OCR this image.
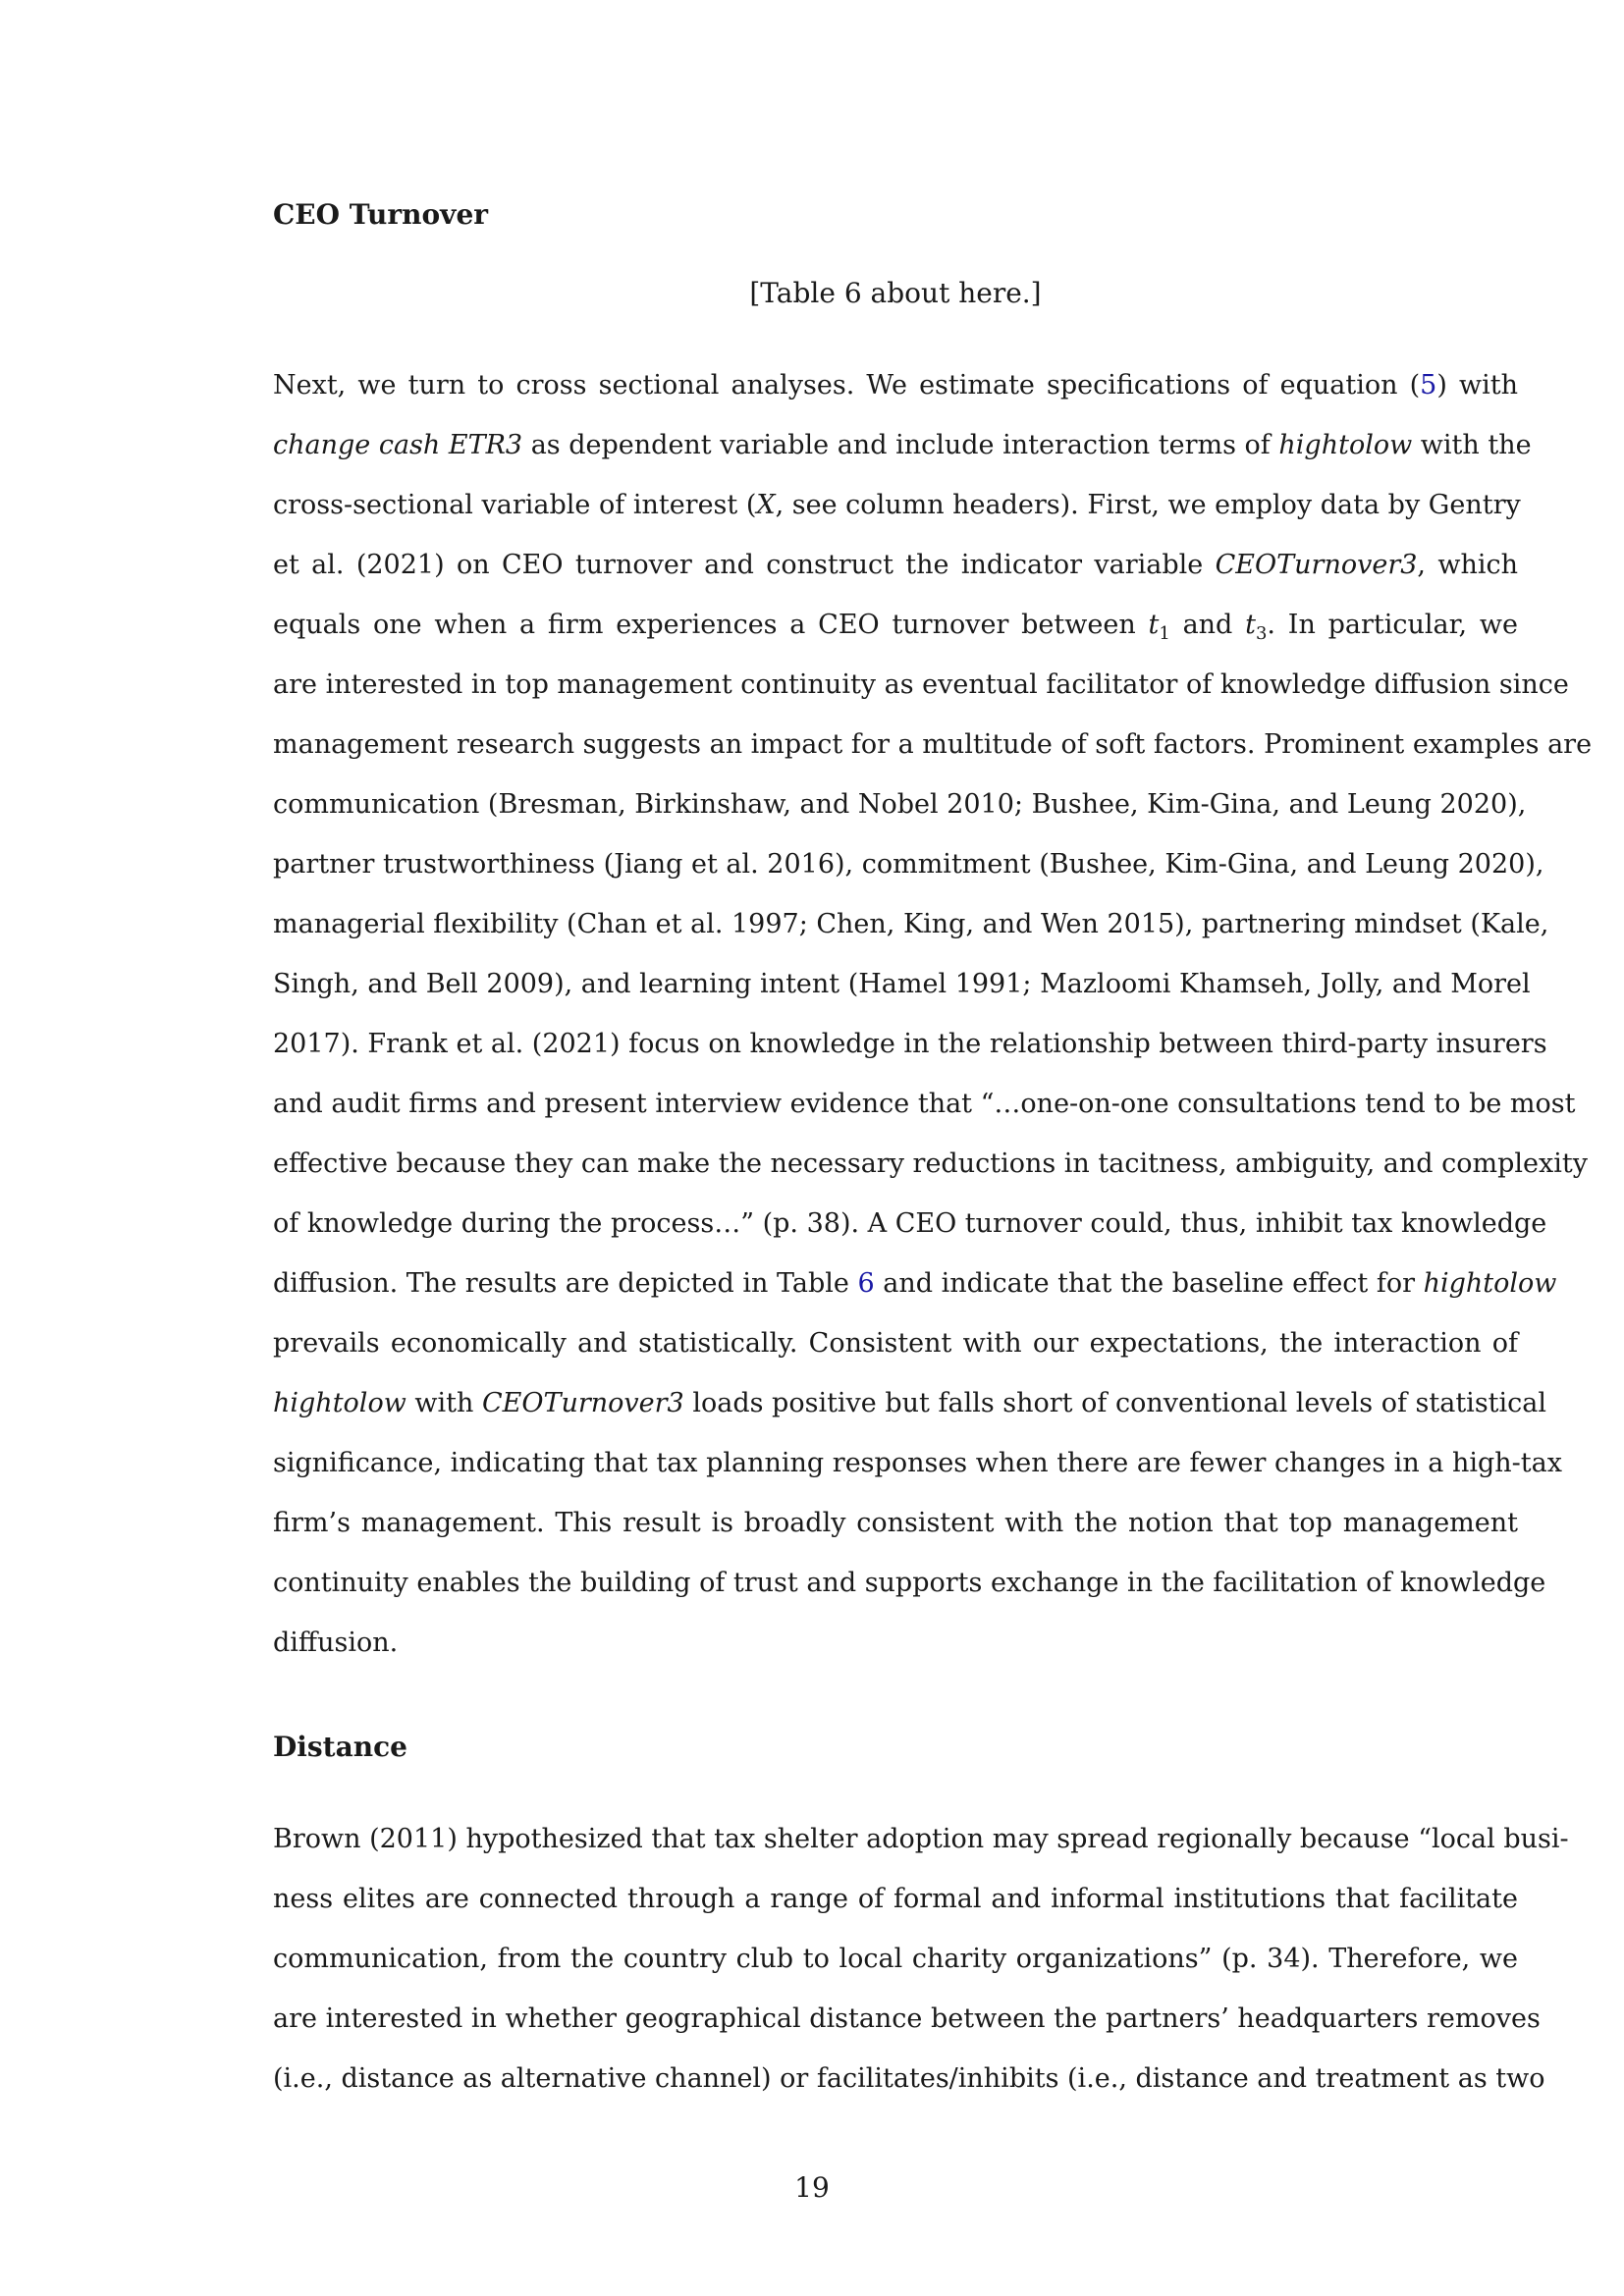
CEO Turnover

[Table 6 about here.]

Next, we turn to cross sectional analyses. We estimate specifications of equation (5) with
change cash ETR3 as dependent variable and include interaction terms of hightolow with the
cross-sectional variable of interest (X, see column headers). First, we employ data by Gentry
et al. (2021) on CEO turnover and construct the indicator variable CEOTurnover3, which
equals one when a firm experiences a CEO turnover between $t_1$ and $t_3$. In particular, we
are interested in top management continuity as eventual facilitator of knowledge diffusion since
management research suggests an impact for a multitude of soft factors. Prominent examples are
communication (Bresman, Birkinshaw, and Nobel 2010; Bushee, Kim-Gina, and Leung 2020),
partner trustworthiness (Jiang et al. 2016), commitment (Bushee, Kim-Gina, and Leung 2020),
managerial flexibility (Chan et al. 1997; Chen, King, and Wen 2015), partnering mindset (Kale,
Singh, and Bell 2009), and learning intent (Hamel 1991; Mazloomi Khamseh, Jolly, and Morel
2017). Frank et al. (2021) focus on knowledge in the relationship between third-party insurers
and audit firms and present interview evidence that “…one-on-one consultations tend to be most
effective because they can make the necessary reductions in tacitness, ambiguity, and complexity
of knowledge during the process…” (p. 38). A CEO turnover could, thus, inhibit tax knowledge
diffusion. The results are depicted in Table 6 and indicate that the baseline effect for hightolow
prevails economically and statistically. Consistent with our expectations, the interaction of
hightolow with CEOTurnover3 loads positive but falls short of conventional levels of statistical
significance, indicating that tax planning responses when there are fewer changes in a high-tax
firm’s management. This result is broadly consistent with the notion that top management
continuity enables the building of trust and supports exchange in the facilitation of knowledge
diffusion.
Distance
Brown (2011) hypothesized that tax shelter adoption may spread regionally because “local busi-
ness elites are connected through a range of formal and informal institutions that facilitate
communication, from the country club to local charity organizations” (p. 34). Therefore, we
are interested in whether geographical distance between the partners’ headquarters removes
(i.e., distance as alternative channel) or facilitates/inhibits (i.e., distance and treatment as two

19
